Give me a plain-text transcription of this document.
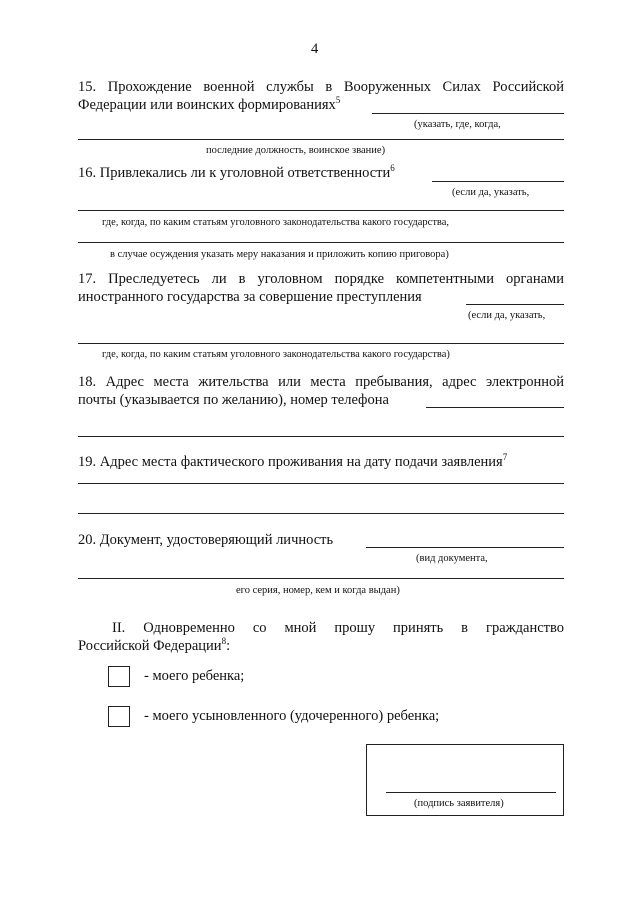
4
15. Прохождение военной службы в Вооруженных Силах Российской
Федерации или воинских формированиях$^5$
(указать, где, когда,
последние должность, воинское звание)
16. Привлекались ли к уголовной ответственности$^6$
(если да, указать,
где, когда, по каким статьям уголовного законодательства какого государства,
в случае осуждения указать меру наказания и приложить копию приговора)
17. Преследуетесь ли в уголовном порядке компетентными органами
иностранного государства за совершение преступления
(если да, указать,
где, когда, по каким статьям уголовного законодательства какого государства)
18. Адрес места жительства или места пребывания, адрес электронной
почты (указывается по желанию), номер телефона
19. Адрес места фактического проживания на дату подачи заявления$^7$
20. Документ, удостоверяющий личность
(вид документа,
его серия, номер, кем и когда выдан)
II. Одновременно со мной прошу принять в гражданство
Российской Федерации$^8$:
- моего ребенка;
- моего усыновленного (удочеренного) ребенка;
(подпись заявителя)
